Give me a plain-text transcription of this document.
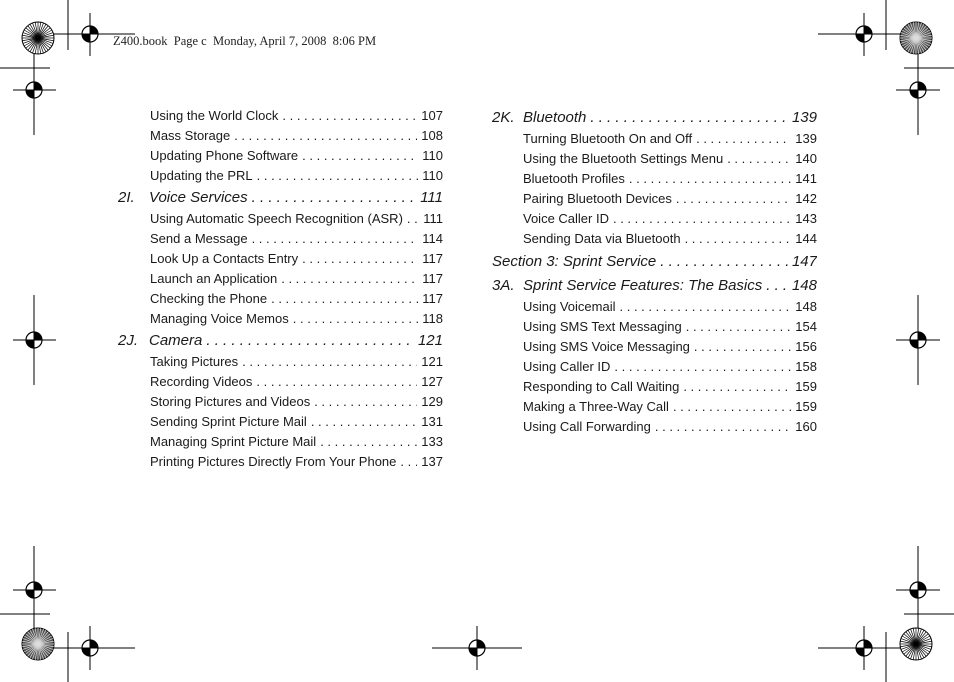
Z400.book  Page c  Monday, April 7, 2008  8:06 PM
Using the World Clock . . .	107
Mass Storage . . .	108
Updating Phone Software . . .	110
Updating the PRL . . .	110
2I. Voice Services . . .	111
Using Automatic Speech Recognition (ASR) . . .	111
Send a Message . . .	114
Look Up a Contacts Entry . . .	117
Launch an Application . . .	117
Checking the Phone . . .	117
Managing Voice Memos . . .	118
2J. Camera . . .	121
Taking Pictures . . .	121
Recording Videos . . .	127
Storing Pictures and Videos . . .	129
Sending Sprint Picture Mail . . .	131
Managing Sprint Picture Mail . . .	133
Printing Pictures Directly From Your Phone . . .	137
2K. Bluetooth . . .	139
Turning Bluetooth On and Off . . .	139
Using the Bluetooth Settings Menu . . .	140
Bluetooth Profiles . . .	141
Pairing Bluetooth Devices . . .	142
Voice Caller ID . . .	143
Sending Data via Bluetooth . . .	144
Section 3: Sprint Service . . .	147
3A. Sprint Service Features: The Basics . . . 148
Using Voicemail . . .	148
Using SMS Text Messaging . . .	154
Using SMS Voice Messaging . . .	156
Using Caller ID . . .	158
Responding to Call Waiting . . .	159
Making a Three-Way Call . . .	159
Using Call Forwarding . . .	160
